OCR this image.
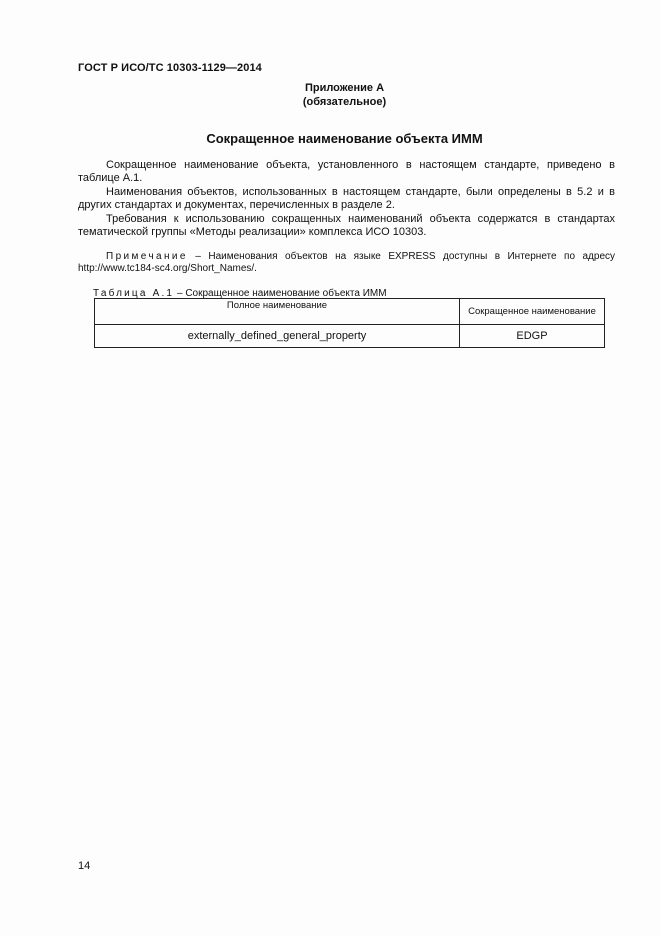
ГОСТ Р ИСО/ТС 10303-1129—2014
Приложение А
(обязательное)
Сокращенное наименование объекта ИММ
Сокращенное наименование объекта, установленного в настоящем стандарте, приведено в таблице А.1.
Наименования объектов, использованных в настоящем стандарте, были определены в 5.2 и в других стандартах и документах, перечисленных в разделе 2.
Требования к использованию сокращенных наименований объекта содержатся в стандартах тематической группы «Методы реализации» комплекса ИСО 10303.
Примечание – Наименования объектов на языке EXPRESS доступны в Интернете по адресу http://www.tc184-sc4.org/Short_Names/.
Таблица А.1 – Сокращенное наименование объекта ИММ
Полное наименование	Сокращенное наименование
externally_defined_general_property	EDGP
14
